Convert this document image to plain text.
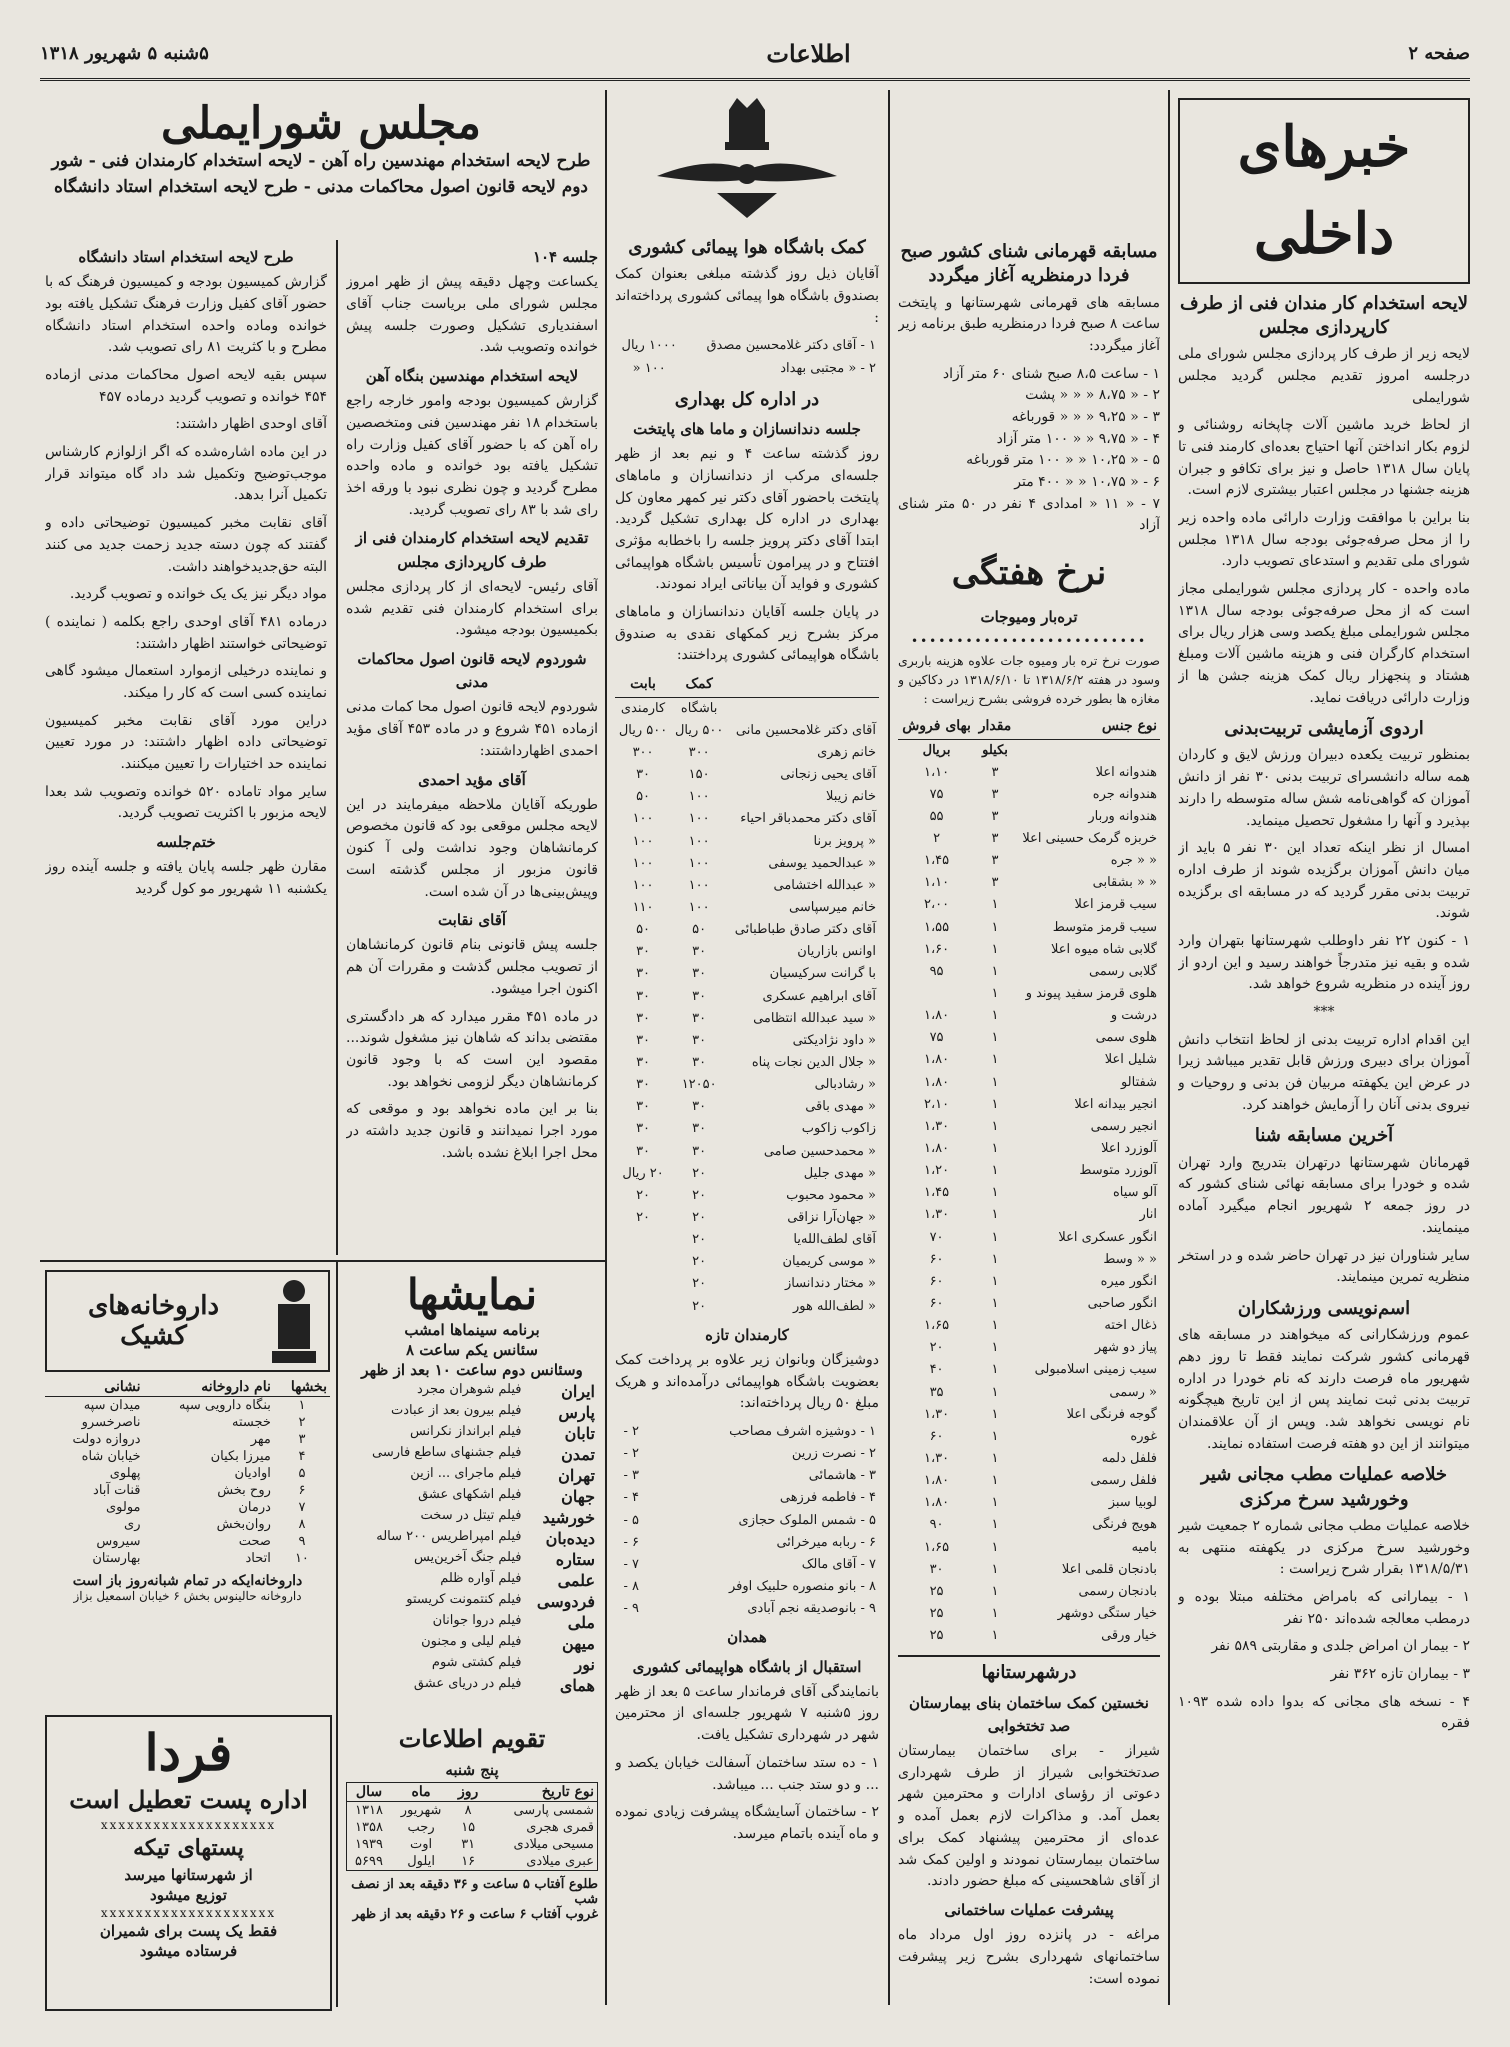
صفحه ۲
اطلاعات
۵شنبه ۵ شهریور ۱۳۱۸
خبرهای داخلی
لایحه استخدام کار مندان فنی از طرف کارپردازی مجلس

لایحه زیر از طرف کار پردازی مجلس شورای ملی درجلسه امروز تقدیم مجلس گردید مجلس شورایملی

از لحاظ خرید ماشین آلات چاپخانه روشنائی و لزوم بکار انداختن آنها احتیاج بعده‌ای کارمند فنی تا پایان سال ۱۳۱۸ حاصل و نیز برای تکافو و جبران هزینه جشنها در مجلس اعتبار بیشتری لازم است.

بنا براین با موافقت وزارت دارائی ماده واحده زیر را از محل صرفه‌جوئی بودجه سال ۱۳۱۸ مجلس شورای ملی تقدیم و استدعای تصویب دارد.

ماده واحده - کار پردازی مجلس شورایملی مجاز است که از محل صرفه‌جوئی بودجه سال ۱۳۱۸ مجلس شورایملی مبلغ یکصد وسی هزار ریال برای استخدام کارگران فنی و هزینه ماشین آلات ومبلغ هشتاد و پنجهزار ریال کمک هزینه جشن ها از وزارت دارائی دریافت نماید.

اردوی آزمایشی تربیت‌بدنی

بمنظور تربیت یکعده دبیران ورزش لایق و کاردان همه ساله دانشسرای تربیت بدنی ۳۰ نفر از دانش آموزان که گواهی‌نامه شش ساله متوسطه را دارند بپذیرد و آنها را مشغول تحصیل مینماید.

امسال از نظر اینکه تعداد این ۳۰ نفر ۵ باید از میان دانش آموزان برگزیده شوند از طرف اداره تربیت بدنی مقرر گردید که در مسابقه ای برگزیده شوند.

۱ - کنون ۲۲ نفر داوطلب شهرستانها بتهران وارد شده و بقیه نیز متدرجاً خواهند رسید و این اردو از روز آینده در منظریه شروع خواهد شد.

***

این اقدام اداره تربیت بدنی از لحاظ انتخاب دانش آموزان برای دبیری ورزش قابل تقدیر میباشد زیرا در عرض این یکهفته مربیان فن بدنی و روحیات و نیروی بدنی آنان را آزمایش خواهند کرد.

آخرین مسابقه شنا

قهرمانان شهرستانها درتهران بتدریج وارد تهران شده و خودرا برای مسابقه نهائی شنای کشور که در روز جمعه ۲ شهریور انجام میگیرد آماده مینمایند.

سایر شناوران نیز در تهران حاضر شده و در استخر منظریه تمرین مینمایند.

اسم‌نویسی ورزشکاران

عموم ورزشکارانی که میخواهند در مسابقه های قهرمانی کشور شرکت نمایند فقط تا روز دهم شهریور ماه فرصت دارند که نام خودرا در اداره تربیت بدنی ثبت نمایند پس از این تاریخ هیچگونه نام نویسی نخواهد شد. وپس از آن علاقمندان میتوانند از این دو هفته فرصت استفاده نمایند.

خلاصه عملیات مطب مجانی شیر وخورشید سرخ مرکزی

خلاصه عملیات مطب مجانی شماره ۲ جمعیت شیر وخورشید سرخ مرکزی در یکهفته منتهی به ۱۳۱۸/۵/۳۱ بقرار شرح زیراست :

۱ - بیمارانی که بامراض مختلفه مبتلا بوده و درمطب معالجه شده‌اند ۲۵۰ نفر

۲ - بیمار ان امراض جلدی و مقاربتی ۵۸۹ نفر

۳ - بیماران تازه ۳۶۲ نفر

۴ - نسخه های مجانی که بدوا داده شده ۱۰۹۳ فقره

مسابقه قهرمانی شنای کشور صبح فردا درمنظریه آغاز میگردد

مسابقه های قهرمانی شهرستانها و پایتخت ساعت ۸ صبح فردا درمنظریه طبق برنامه زیر آغاز میگردد:

۱ - ساعت ۸،۵ صبح شنای ۶۰ متر آزاد
۲ - « ۸،۷۵ « « « پشت
۳ - « ۹،۲۵ « « « قورباغه
۴ - « ۹،۷۵ « « ۱۰۰ متر آزاد
۵ - « ۱۰،۲۵ « « ۱۰۰ متر قورباغه
۶ - « ۱۰،۷۵ « « ۴۰۰ متر
۷ - « ۱۱ « امدادی ۴ نفر در ۵۰ متر شنای آزاد
نرخ هفتگی
تره‌بار ومیوجات
••••••••••••••••••••••••••

صورت نرخ تره بار ومیوه جات علاوه هزینه باربری وسود در هفته ۱۳۱۸/۶/۲ تا ۱۳۱۸/۶/۱۰ در دکاکین و مغازه ها بطور خرده فروشی بشرح زیراست :

نوع جنس	مقدار	بهای فروش
	بکیلو	بریال
هندوانه اعلا	۳	۱،۱۰
هندوانه جره	۳	۷۵
هندوانه وربار	۳	۵۵
خربزه گرمک حسینی اعلا	۳	۲
« « جره	۳	۱،۴۵
« « بشقابی	۳	۱،۱۰
سیب قرمز اعلا	۱	۲،۰۰
سیب قرمز متوسط	۱	۱،۵۵
گلابی شاه میوه اعلا	۱	۱،۶۰
گلابی رسمی	۱	۹۵
هلوی قرمز سفید پیوند و	۱	
درشت و	۱	۱،۸۰
هلوی سمی	۱	۷۵
شلیل اعلا	۱	۱،۸۰
شفتالو	۱	۱،۸۰
انجیر بیدانه اعلا	۱	۲،۱۰
انجیر رسمی	۱	۱،۳۰
آلوزرد اعلا	۱	۱،۸۰
آلوزرد متوسط	۱	۱،۲۰
آلو سیاه	۱	۱،۴۵
انار	۱	۱،۳۰
انگور عسکری اعلا	۱	۷۰
« « وسط	۱	۶۰
انگور میره	۱	۶۰
انگور صاحبی	۱	۶۰
ذغال اخته	۱	۱،۶۵
پیاز دو شهر	۱	۲۰
سیب زمینی اسلامبولی	۱	۴۰
« رسمی	۱	۳۵
گوجه فرنگی اعلا	۱	۱،۳۰
غوره	۱	۶۰
فلفل دلمه	۱	۱،۳۰
فلفل رسمی	۱	۱،۸۰
لوبیا سبز	۱	۱،۸۰
هویج فرنگی	۱	۹۰
بامیه	۱	۱،۶۵
بادنجان قلمی اعلا	۱	۳۰
بادنجان رسمی	۱	۲۵
خیار ستگی دوشهر	۱	۲۵
خیار ورقی	۱	۲۵
درشهرستانها
نخستین کمک ساختمان بنای بیمارستان صد تختخوابی

شیراز - برای ساختمان بیمارستان صدتختخوابی شیراز از طرف شهرداری دعوتی از رؤسای ادارات و محترمین شهر بعمل آمد. و مذاکرات لازم بعمل آمده و عده‌ای از محترمین پیشنهاد کمک برای ساختمان بیمارستان نمودند و اولین کمک شد از آقای شاهحسینی که مبلغ حضور دادند.

پیشرفت عملیات ساختمانی

مراغه - در پانزده روز اول مرداد ماه ساختمانهای شهرداری بشرح زیر پیشرفت نموده است:

کمک باشگاه هوا پیمائی کشوری

آقایان ذیل روز گذشته مبلغی بعنوان کمک بصندوق باشگاه هوا پیمائی کشوری پرداخته‌اند :

۱ - آقای دکتر غلامحسین مصدق	۱۰۰۰ ریال
۲ - « مجتبی بهداد	۱۰۰ «
در اداره کل بهداری
جلسه دندانسازان و ماما های پایتخت

روز گذشته ساعت ۴ و نیم بعد از ظهر جلسه‌ای مرکب از دندانسازان و ماماهای پایتخت باحضور آقای دکتر نیر کمهر معاون کل بهداری در اداره کل بهداری تشکیل گردید. ابتدا آقای دکتر پرویز جلسه را باخطابه مؤثری افتتاح و در پیرامون تأسیس باشگاه هواپیمائی کشوری و فواید آن بیاناتی ایراد نمودند.

در پایان جلسه آقایان دندانسازان و ماماهای مرکز بشرح زیر کمکهای نقدی به صندوق باشگاه هواپیمائی کشوری پرداختند:

	کمک	بابت
	باشگاه	کارمندی
آقای دکتر غلامحسین مانی	۵۰۰ ریال	۵۰۰ ریال
خانم زهری	۳۰۰	۳۰۰
آقای یحیی زنجانی	۱۵۰	۳۰
خانم زیبلا	۱۰۰	۵۰
آقای دکتر محمدباقر احیاء	۱۰۰	۱۰۰
« پرویز برنا	۱۰۰	۱۰۰
« عبدالحمید یوسفی	۱۰۰	۱۰۰
« عبدالله اختشامی	۱۰۰	۱۰۰
خانم میرسپاسی	۱۰۰	۱۱۰
آقای دکتر صادق طباطبائی	۵۰	۵۰
اوانس بازاریان	۳۰	۳۰
با گرانت سرکیسیان	۳۰	۳۰
آقای ابراهیم عسکری	۳۰	۳۰
« سید عبدالله انتظامی	۳۰	۳۰
« داود نژادیکتی	۳۰	۳۰
« جلال الدین نجات پناه	۳۰	۳۰
« رشادبالی	۱۲۰۵۰	۳۰
« مهدی باقی	۳۰	۳۰
زاکوب زاکوب	۳۰	۳۰
« محمدحسین صامی	۳۰	۳۰
« مهدی جلیل	۲۰	۲۰ ریال
« محمود محبوب	۲۰	۲۰
« جهان‌آرا نزاقی	۲۰	۲۰
آقای لطف‌الله‌یا	۲۰	
« موسی کریمیان	۲۰	
« مختار دندانساز	۲۰	
« لطف‌الله هور	۲۰	
کارمندان تازه

دوشیزگان وبانوان زیر علاوه بر پرداخت کمک بعضویت باشگاه هواپیمائی درآمده‌اند و هریک مبلغ ۵۰ ریال پرداخته‌اند:

۱ - دوشیزه اشرف مصاحب	۲ -
۲ - نصرت زرین	۲ -
۳ - هاشمائی	۳ -
۴ - فاطمه فرزهی	۴ -
۵ - شمس الملوک حجازی	۵ -
۶ - ربابه میرخرائی	۶ -
۷ - آقای مالک	۷ -
۸ - بانو منصوره حلبیک اوفر	۸ -
۹ - بانوصدیقه نجم آبادی	۹ -
همدان
استقبال از باشگاه هواپیمائی کشوری

بانمایندگی آقای فرماندار ساعت ۵ بعد از ظهر روز ۵شنبه ۷ شهریور جلسه‌ای از محترمین شهر در شهرداری تشکیل یافت.

۱ - ده ستد ساختمان آسفالت خیابان یکصد و ... و دو ستد جنب ... میباشد.

۲ - ساختمان آسایشگاه پیشرفت زیادی نموده و ماه آینده باتمام میرسد.

مجلس شورایملی
طرح لایحه استخدام مهندسین راه آهن - لایحه استخدام کارمندان فنی - شور دوم لایحه قانون اصول محاکمات مدنی - طرح لایحه استخدام استاد دانشگاه
جلسه ۱۰۴

یکساعت وچهل دقیقه پیش از ظهر امروز مجلس شورای ملی بریاست جناب آقای اسفندیاری تشکیل وصورت جلسه پیش خوانده وتصویب شد.

لایحه استخدام مهندسین بنگاه آهن

گزارش کمیسیون بودجه وامور خارجه راجع باستخدام ۱۸ نفر مهندسین فنی ومتخصصین راه آهن که با حضور آقای کفیل وزارت راه تشکیل یافته بود خوانده و ماده واحده مطرح گردید و چون نظری نبود با ورقه اخذ رای شد با ۸۳ رای تصویب گردید.

تقدیم لایحه استخدام کارمندان فنی از طرف کارپردازی مجلس

آقای رئیس- لایحه‌ای از کار پردازی مجلس برای استخدام کارمندان فنی تقدیم شده بکمیسیون بودجه میشود.

شوردوم لایحه قانون اصول محاکمات مدنی

شوردوم لایحه قانون اصول محا کمات مدنی ازماده ۴۵۱ شروع و در ماده ۴۵۳ آقای مؤید احمدی اظهارداشتند:

آقای مؤید احمدی

طوریکه آقایان ملاحظه میفرمایند در این لایحه مجلس موقعی بود که قانون مخصوص کرمانشاهان وجود نداشت ولی آ کنون قانون مزبور از مجلس گذشته است وپیش‌بینی‌ها در آن شده است.

آقای نقابت

جلسه پیش قانونی بنام قانون کرمانشاهان از تصویب مجلس گذشت و مقررات آن هم اکنون اجرا میشود.

در ماده ۴۵۱ مقرر میدارد که هر دادگستری مقتضی بداند که شاهان نیز مشغول شوند... مقصود این است که با وجود قانون کرمانشاهان دیگر لزومی نخواهد بود.

بنا بر این ماده نخواهد بود و موقعی که مورد اجرا نمیدانند و قانون جدید داشته در محل اجرا ابلاغ نشده باشد.

طرح لایحه استخدام استاد دانشگاه

گزارش کمیسیون بودجه و کمیسیون فرهنگ که با حضور آقای کفیل وزارت فرهنگ تشکیل یافته بود خوانده وماده واحده استخدام استاد دانشگاه مطرح و با کثریت ۸۱ رای تصویب شد.

سپس بقیه لایحه اصول محاکمات مدنی ازماده ۴۵۴ خوانده و تصویب گردید درماده ۴۵۷

آقای اوحدی اظهار داشتند:

در این ماده اشاره‌شده که اگر ازلوازم کارشناس موجب‌توضیح وتکمیل شد داد گاه میتواند قرار تکمیل آنرا بدهد.

آقای نقابت مخبر کمیسیون توضیحاتی داده و گفتند که چون دسته جدید زحمت جدید می کنند البته حق‌جدیدخواهند داشت.

مواد دیگر نیز یک یک خوانده و تصویب گردید.

درماده ۴۸۱ آقای اوحدی راجع بکلمه ( نماینده ) توضیحاتی خواستند اظهار داشتند:

و نماینده درخیلی ازموارد استعمال میشود گاهی نماینده کسی است که کار را میکند.

دراین مورد آقای نقابت مخبر کمیسیون توضیحاتی داده اظهار داشتند: در مورد تعیین نماینده حد اختیارات را تعیین میکنند.

سایر مواد تاماده ۵۲۰ خوانده وتصویب شد بعدا لایحه مزبور با اکثریت تصویب گردید.

ختم‌جلسه

مقارن ظهر جلسه پایان یافته و جلسه آینده روز یکشنبه ۱۱ شهریور مو کول گردید

داروخانه‌های کشیک
بخشها	نام داروخانه	نشانی
۱	بنگاه دارویی سپه	میدان سپه
۲	خجسته	ناصرخسرو
۳	مهر	دروازه دولت
۴	میرزا بکیان	خیابان شاه
۵	اوادیان	پهلوی
۶	روح بخش	قنات آباد
۷	درمان	مولوی
۸	روان‌بخش	ری
۹	صحت	سیروس
۱۰	اتحاد	بهارستان
داروخانه‌ایکه در تمام شبانه‌روز باز است
داروخانه حالینوس بخش ۶ خیابان اسمعیل بزاز
نمایشها
برنامه سینماها امشب
سئانس یکم ساعت ۸
وسئانس دوم ساعت ۱۰ بعد از ظهر
ایران	فیلم شوهران مجرد
پارس	فیلم بیرون بعد از عبادت
تابان	فیلم ابرانداز نکرانس
تمدن	فیلم جشنهای ساطع فارسی
تهران	فیلم ماجرای ... ازین
جهان	فیلم اشکهای عشق
خورشید	فیلم تیتل در سخت
دیده‌بان	فیلم امپراطریس ۲۰۰ ساله
ستاره	فیلم جنگ آخرین‌یس
علمی	فیلم آواره ظلم
فردوسی	فیلم کنتمونت کریستو
ملی	فیلم دروا جوانان
میهن	فیلم لیلی و مجنون
نور	فیلم کشتی شوم
همای	فیلم در دریای عشق
فردا
اداره پست تعطیل است
xxxxxxxxxxxxxxxxxxxx
پستهای تیکه
از شهرستانها میرسد
توزیع میشود
xxxxxxxxxxxxxxxxxxxx
فقط یک پست برای شمیران
فرستاده میشود
تقویم اطلاعات
پنج شنبه
نوع تاریخ	روز	ماه	سال
شمسی پارسی	۸	شهریور	۱۳۱۸
قمری هجری	۱۵	رجب	۱۳۵۸
مسیحی میلادی	۳۱	اوت	۱۹۳۹
عبری میلادی	۱۶	ایلول	۵۶۹۹
طلوع آفتاب ۵ ساعت و ۳۶ دقیقه بعد از نصف شب
غروب آفتاب ۶ ساعت و ۲۶ دقیقه بعد از ظهر
